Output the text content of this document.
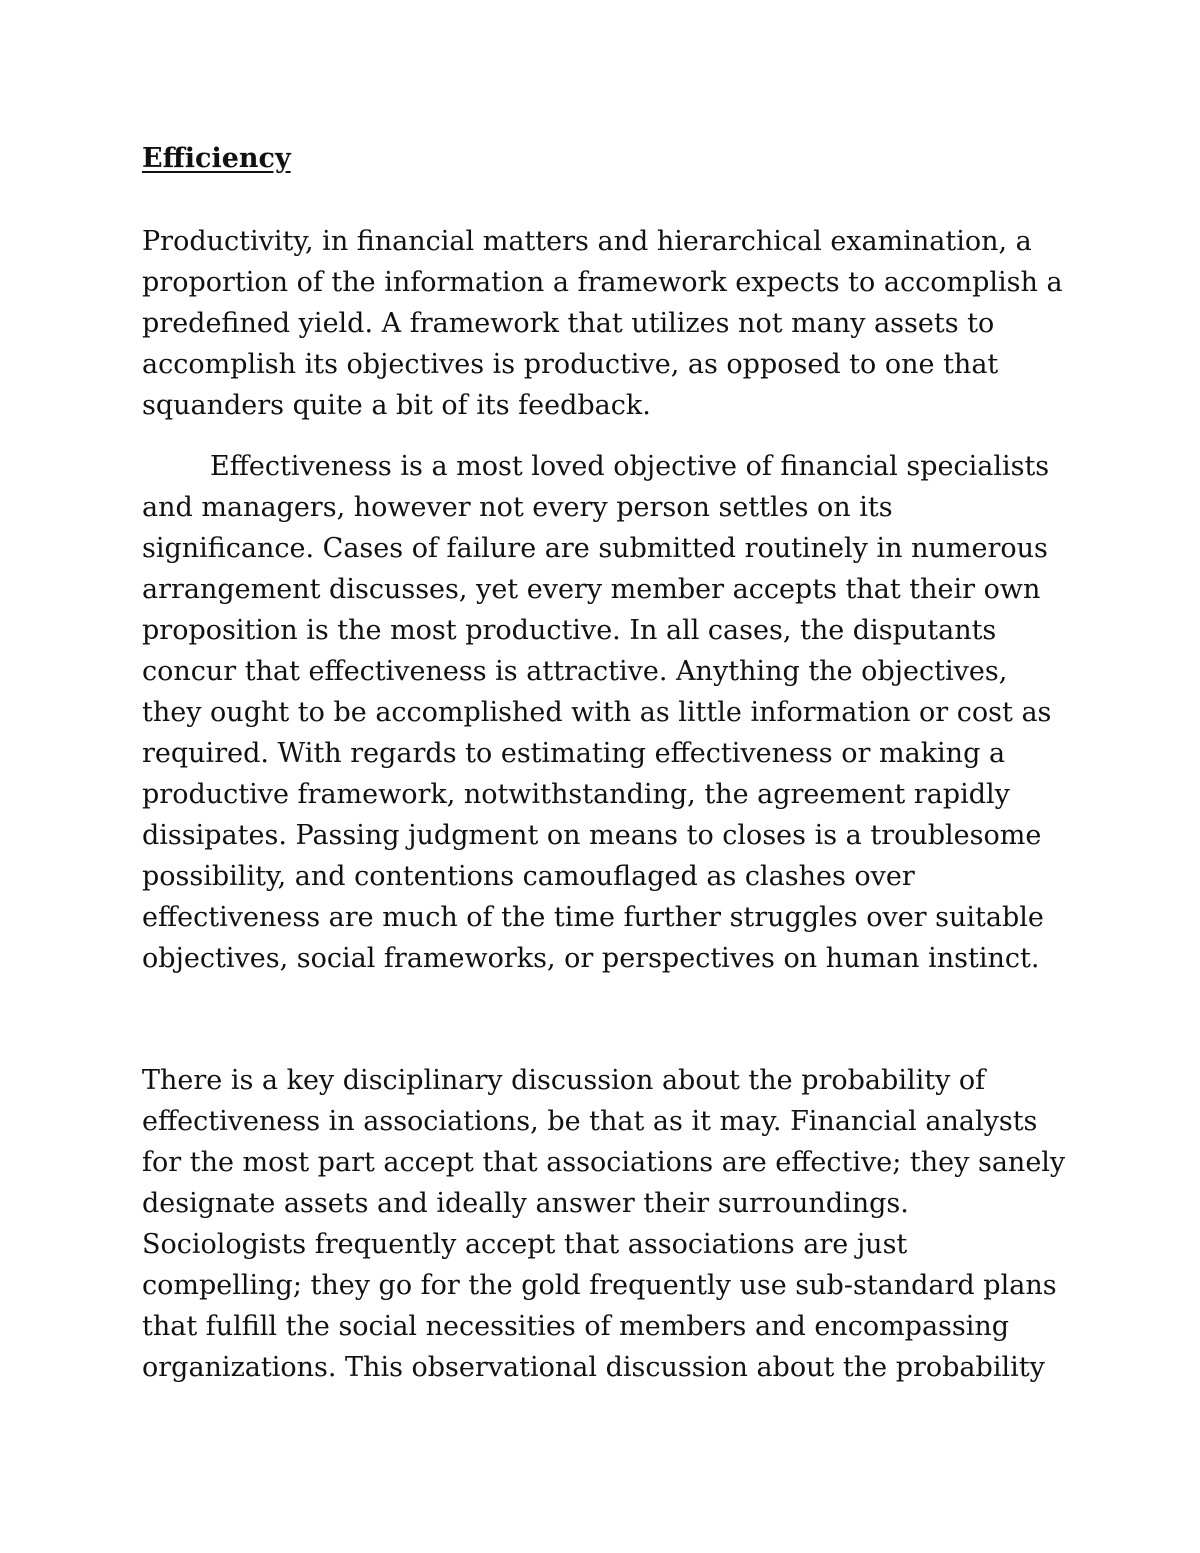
Efficiency

Productivity, in financial matters and hierarchical examination, a proportion of the information a framework expects to accomplish a predefined yield. A framework that utilizes not many assets to accomplish its objectives is productive, as opposed to one that squanders quite a bit of its feedback.

Effectiveness is a most loved objective of financial specialists and managers, however not every person settles on its significance. Cases of failure are submitted routinely in numerous arrangement discusses, yet every member accepts that their own proposition is the most productive. In all cases, the disputants concur that effectiveness is attractive. Anything the objectives, they ought to be accomplished with as little information or cost as required. With regards to estimating effectiveness or making a productive framework, notwithstanding, the agreement rapidly dissipates. Passing judgment on means to closes is a troublesome possibility, and contentions camouflaged as clashes over effectiveness are much of the time further struggles over suitable objectives, social frameworks, or perspectives on human instinct.

There is a key disciplinary discussion about the probability of effectiveness in associations, be that as it may. Financial analysts for the most part accept that associations are effective; they sanely designate assets and ideally answer their surroundings. Sociologists frequently accept that associations are just compelling; they go for the gold frequently use sub-standard plans that fulfill the social necessities of members and encompassing organizations. This observational discussion about the probability
